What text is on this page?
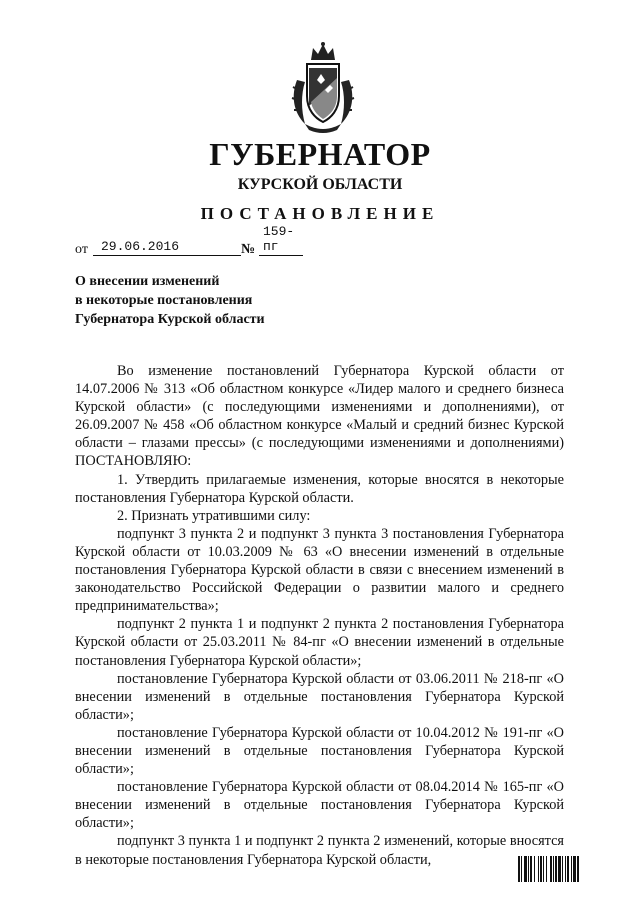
ГУБЕРНАТОР
КУРСКОЙ ОБЛАСТИ
ПОСТАНОВЛЕНИЕ
от	29.06.2016	№
159-пг
О внесении изменений
в некоторые постановления
Губернатора Курской области

Во изменение постановлений Губернатора Курской области от 14.07.2006 № 313 «Об областном конкурсе «Лидер малого и среднего бизнеса Курской области» (с последующими изменениями и дополнениями), от 26.09.2007 № 458 «Об областном конкурсе «Малый и средний бизнес Курской области – глазами прессы» (с последующими изменениями и дополнениями) ПОСТАНОВЛЯЮ:

1. Утвердить прилагаемые изменения, которые вносятся в некоторые постановления Губернатора Курской области.

2. Признать утратившими силу:

подпункт 3 пункта 2 и подпункт 3 пункта 3 постановления Губернатора Курской области от 10.03.2009 № 63 «О внесении изменений в отдельные постановления Губернатора Курской области в связи с внесением изменений в законодательство Российской Федерации о развитии малого и среднего предпринимательства»;

подпункт 2 пункта 1 и подпункт 2 пункта 2 постановления Губернатора Курской области от 25.03.2011 № 84-пг «О внесении изменений в отдельные постановления Губернатора Курской области»;

постановление Губернатора Курской области от 03.06.2011 № 218-пг «О внесении изменений в отдельные постановления Губернатора Курской области»;

постановление Губернатора Курской области от 10.04.2012 № 191-пг «О внесении изменений в отдельные постановления Губернатора Курской области»;

постановление Губернатора Курской области от 08.04.2014 № 165-пг «О внесении изменений в отдельные постановления Губернатора Курской области»;

подпункт 3 пункта 1 и подпункт 2 пункта 2 изменений, которые вносятся в некоторые постановления Губернатора Курской области,
